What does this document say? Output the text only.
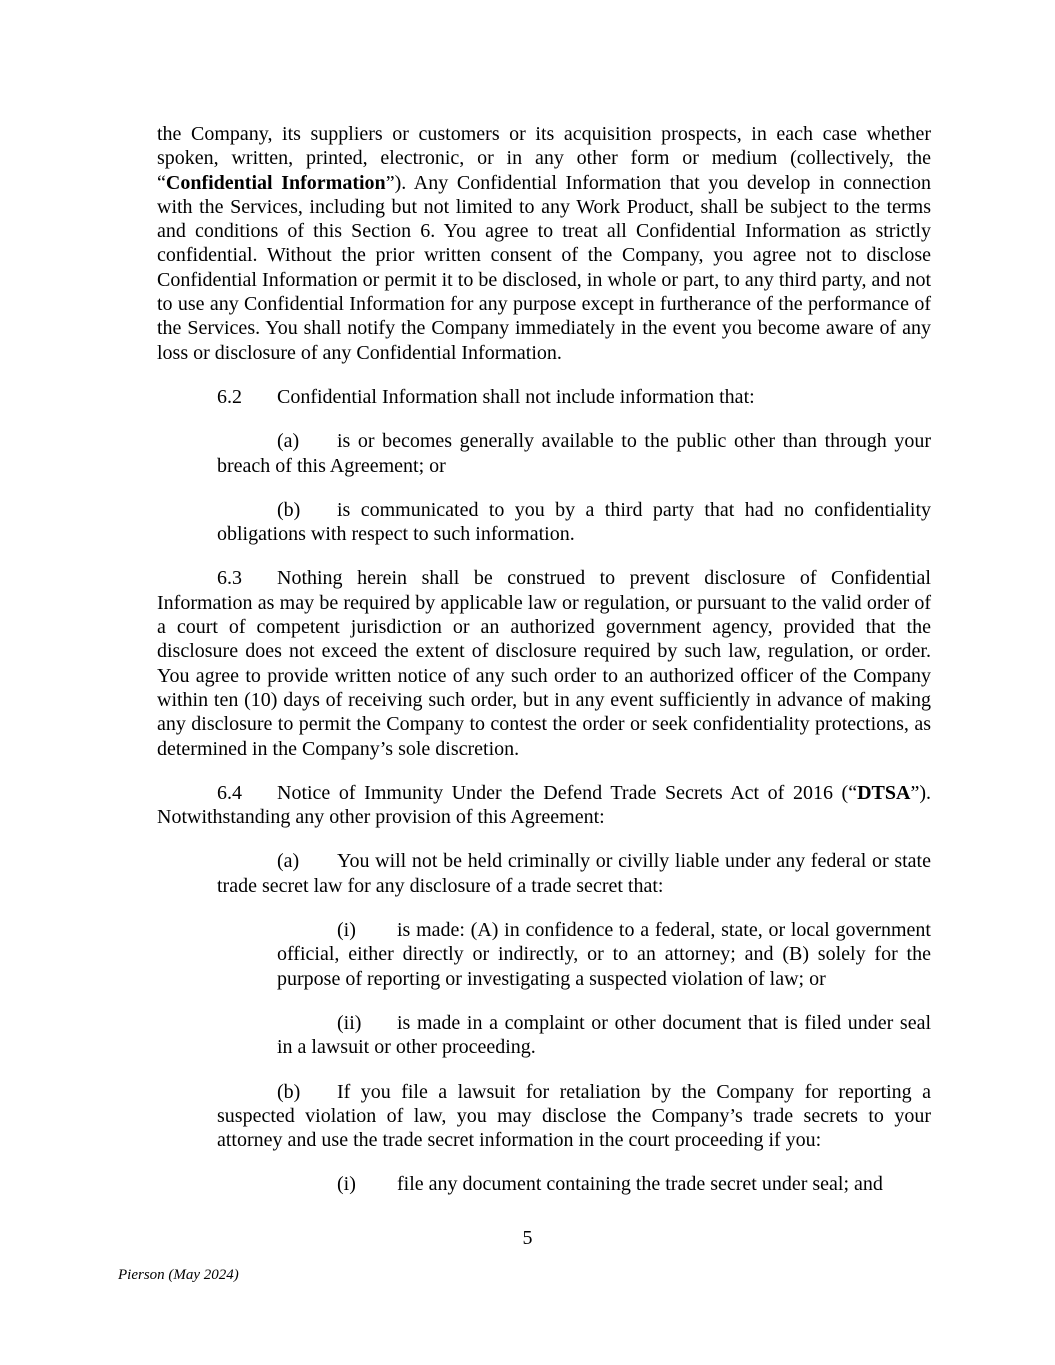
the Company, its suppliers or customers or its acquisition prospects, in each case whether spoken, written, printed, electronic, or in any other form or medium (collectively, the “Confidential Information”). Any Confidential Information that you develop in connection with the Services, including but not limited to any Work Product, shall be subject to the terms and conditions of this Section 6. You agree to treat all Confidential Information as strictly confidential. Without the prior written consent of the Company, you agree not to disclose Confidential Information or permit it to be disclosed, in whole or part, to any third party, and not to use any Confidential Information for any purpose except in furtherance of the performance of the Services. You shall notify the Company immediately in the event you become aware of any loss or disclosure of any Confidential Information.

6.2 Confidential Information shall not include information that:

(a) is or becomes generally available to the public other than through your breach of this Agreement; or

(b) is communicated to you by a third party that had no confidentiality obligations with respect to such information.

6.3 Nothing herein shall be construed to prevent disclosure of Confidential Information as may be required by applicable law or regulation, or pursuant to the valid order of a court of competent jurisdiction or an authorized government agency, provided that the disclosure does not exceed the extent of disclosure required by such law, regulation, or order. You agree to provide written notice of any such order to an authorized officer of the Company within ten (10) days of receiving such order, but in any event sufficiently in advance of making any disclosure to permit the Company to contest the order or seek confidentiality protections, as determined in the Company’s sole discretion.

6.4 Notice of Immunity Under the Defend Trade Secrets Act of 2016 (“DTSA”). Notwithstanding any other provision of this Agreement:

(a) You will not be held criminally or civilly liable under any federal or state trade secret law for any disclosure of a trade secret that:

(i) is made: (A) in confidence to a federal, state, or local government official, either directly or indirectly, or to an attorney; and (B) solely for the purpose of reporting or investigating a suspected violation of law; or

(ii) is made in a complaint or other document that is filed under seal in a lawsuit or other proceeding.

(b) If you file a lawsuit for retaliation by the Company for reporting a suspected violation of law, you may disclose the Company’s trade secrets to your attorney and use the trade secret information in the court proceeding if you:

(i) file any document containing the trade secret under seal; and

5
Pierson (May 2024)
